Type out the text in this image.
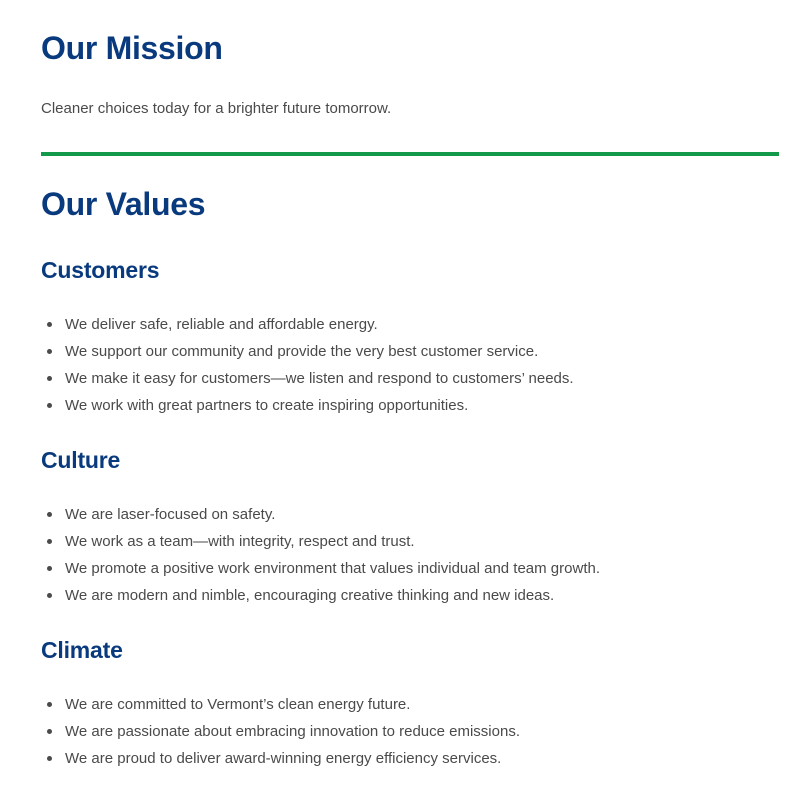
Our Mission

Cleaner choices today for a brighter future tomorrow.

Our Values
Customers
We deliver safe, reliable and affordable energy.
We support our community and provide the very best customer service.
We make it easy for customers—we listen and respond to customers’ needs.
We work with great partners to create inspiring opportunities.
Culture
We are laser-focused on safety.
We work as a team—with integrity, respect and trust.
We promote a positive work environment that values individual and team growth.
We are modern and nimble, encouraging creative thinking and new ideas.
Climate
We are committed to Vermont’s clean energy future.
We are passionate about embracing innovation to reduce emissions.
We are proud to deliver award-winning energy efficiency services.
